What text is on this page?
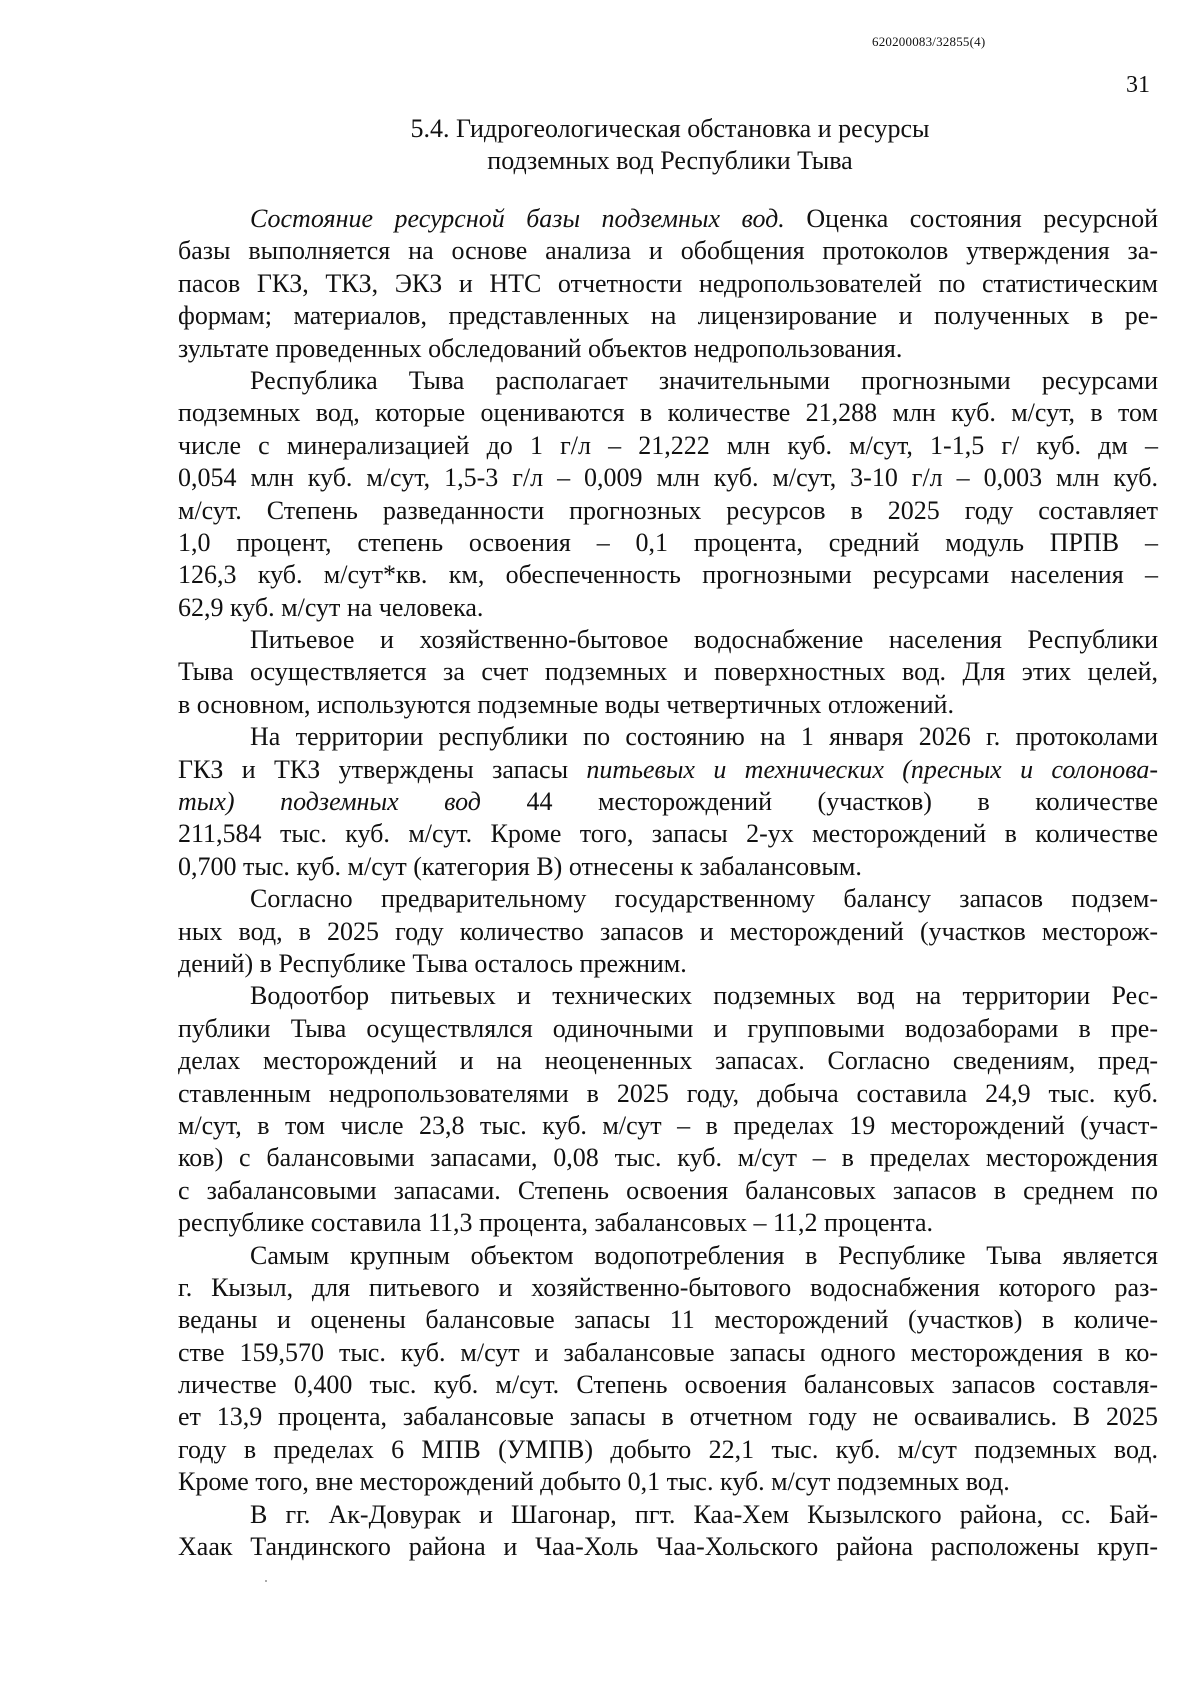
620200083/32855(4)
31
5.4. Гидрогеологическая обстановка и ресурсы
подземных вод Республики Тыва
Состояние ресурсной базы подземных вод. Оценка состояния ресурсной
базы выполняется на основе анализа и обобщения протоколов утверждения за-
пасов ГКЗ, ТКЗ, ЭКЗ и НТС отчетности недропользователей по статистическим
формам; материалов, представленных на лицензирование и полученных в ре-
зультате проведенных обследований объектов недропользования.
Республика Тыва располагает значительными прогнозными ресурсами
подземных вод, которые оцениваются в количестве 21,288 млн куб. м/сут, в том
числе с минерализацией до 1 г/л – 21,222 млн куб. м/сут, 1-1,5 г/ куб. дм –
0,054 млн куб. м/сут, 1,5-3 г/л – 0,009 млн куб. м/сут, 3-10 г/л – 0,003 млн куб.
м/сут. Степень разведанности прогнозных ресурсов в 2025 году составляет
1,0 процент, степень освоения – 0,1 процента, средний модуль ПРПВ –
126,3 куб. м/сут*кв. км, обеспеченность прогнозными ресурсами населения –
62,9 куб. м/сут на человека.
Питьевое и хозяйственно-бытовое водоснабжение населения Республики
Тыва осуществляется за счет подземных и поверхностных вод. Для этих целей,
в основном, используются подземные воды четвертичных отложений.
На территории республики по состоянию на 1 января 2026 г. протоколами
ГКЗ и ТКЗ утверждены запасы питьевых и технических (пресных и солонова-
тых) подземных вод 44 месторождений (участков) в количестве
211,584 тыс. куб. м/сут. Кроме того, запасы 2-ух месторождений в количестве
0,700 тыс. куб. м/сут (категория В) отнесены к забалансовым.
Согласно предварительному государственному балансу запасов подзем-
ных вод, в 2025 году количество запасов и месторождений (участков месторож-
дений) в Республике Тыва осталось прежним.
Водоотбор питьевых и технических подземных вод на территории Рес-
публики Тыва осуществлялся одиночными и групповыми водозаборами в пре-
делах месторождений и на неоцененных запасах. Согласно сведениям, пред-
ставленным недропользователями в 2025 году, добыча составила 24,9 тыс. куб.
м/сут, в том числе 23,8 тыс. куб. м/сут – в пределах 19 месторождений (участ-
ков) с балансовыми запасами, 0,08 тыс. куб. м/сут – в пределах месторождения
с забалансовыми запасами. Степень освоения балансовых запасов в среднем по
республике составила 11,3 процента, забалансовых – 11,2 процента.
Самым крупным объектом водопотребления в Республике Тыва является
г. Кызыл, для питьевого и хозяйственно-бытового водоснабжения которого раз-
веданы и оценены балансовые запасы 11 месторождений (участков) в количе-
стве 159,570 тыс. куб. м/сут и забалансовые запасы одного месторождения в ко-
личестве 0,400 тыс. куб. м/сут. Степень освоения балансовых запасов составля-
ет 13,9 процента, забалансовые запасы в отчетном году не осваивались. В 2025
году в пределах 6 МПВ (УМПВ) добыто 22,1 тыс. куб. м/сут подземных вод.
Кроме того, вне месторождений добыто 0,1 тыс. куб. м/сут подземных вод.
В гг. Ак-Довурак и Шагонар, пгт. Каа-Хем Кызылского района, сс. Бай-
Хаак Тандинского района и Чаа-Холь Чаа-Хольского района расположены круп-
